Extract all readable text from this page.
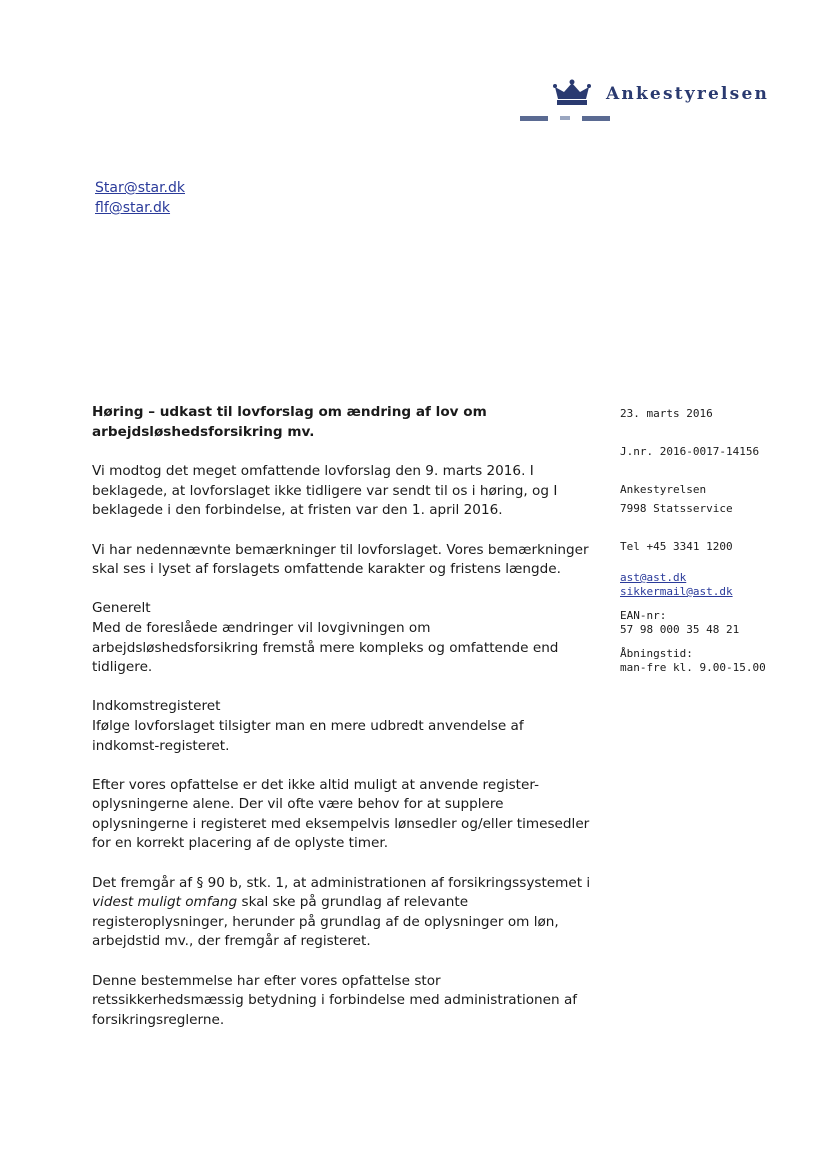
Ankestyrelsen
Star@star.dk
flf@star.dk
Høring – udkast til lovforslag om ændring af lov om
arbejdsløshedsforsikring mv.

Vi modtog det meget omfattende lovforslag den 9. marts 2016. I beklagede, at lovforslaget ikke tidligere var sendt til os i høring, og I beklagede i den forbindelse, at fristen var den 1. april 2016.

Vi har nedennævnte bemærkninger til lovforslaget. Vores bemærkninger skal ses i lyset af forslagets omfattende karakter og fristens længde.

Generelt
Med de foreslåede ændringer vil lovgivningen om arbejdsløshedsforsikring fremstå mere kompleks og omfattende end tidligere.

Indkomstregisteret
Ifølge lovforslaget tilsigter man en mere udbredt anvendelse af indkomst-registeret.

Efter vores opfattelse er det ikke altid muligt at anvende register-oplysningerne alene. Der vil ofte være behov for at supplere oplysningerne i registeret med eksempelvis lønsedler og/eller timesedler for en korrekt placering af de oplyste timer.

Det fremgår af § 90 b, stk. 1, at administrationen af forsikringssystemet i videst muligt omfang skal ske på grundlag af relevante registeroplysninger, herunder på grundlag af de oplysninger om løn, arbejdstid mv., der fremgår af registeret.

Denne bestemmelse har efter vores opfattelse stor retssikkerhedsmæssig betydning i forbindelse med administrationen af forsikringsreglerne.

23. marts 2016
J.nr. 2016-0017-14156
Ankestyrelsen
7998 Statsservice
Tel +45 3341 1200
ast@ast.dk
sikkermail@ast.dk
EAN-nr:
57 98 000 35 48 21
Åbningstid:
man-fre kl. 9.00-15.00
